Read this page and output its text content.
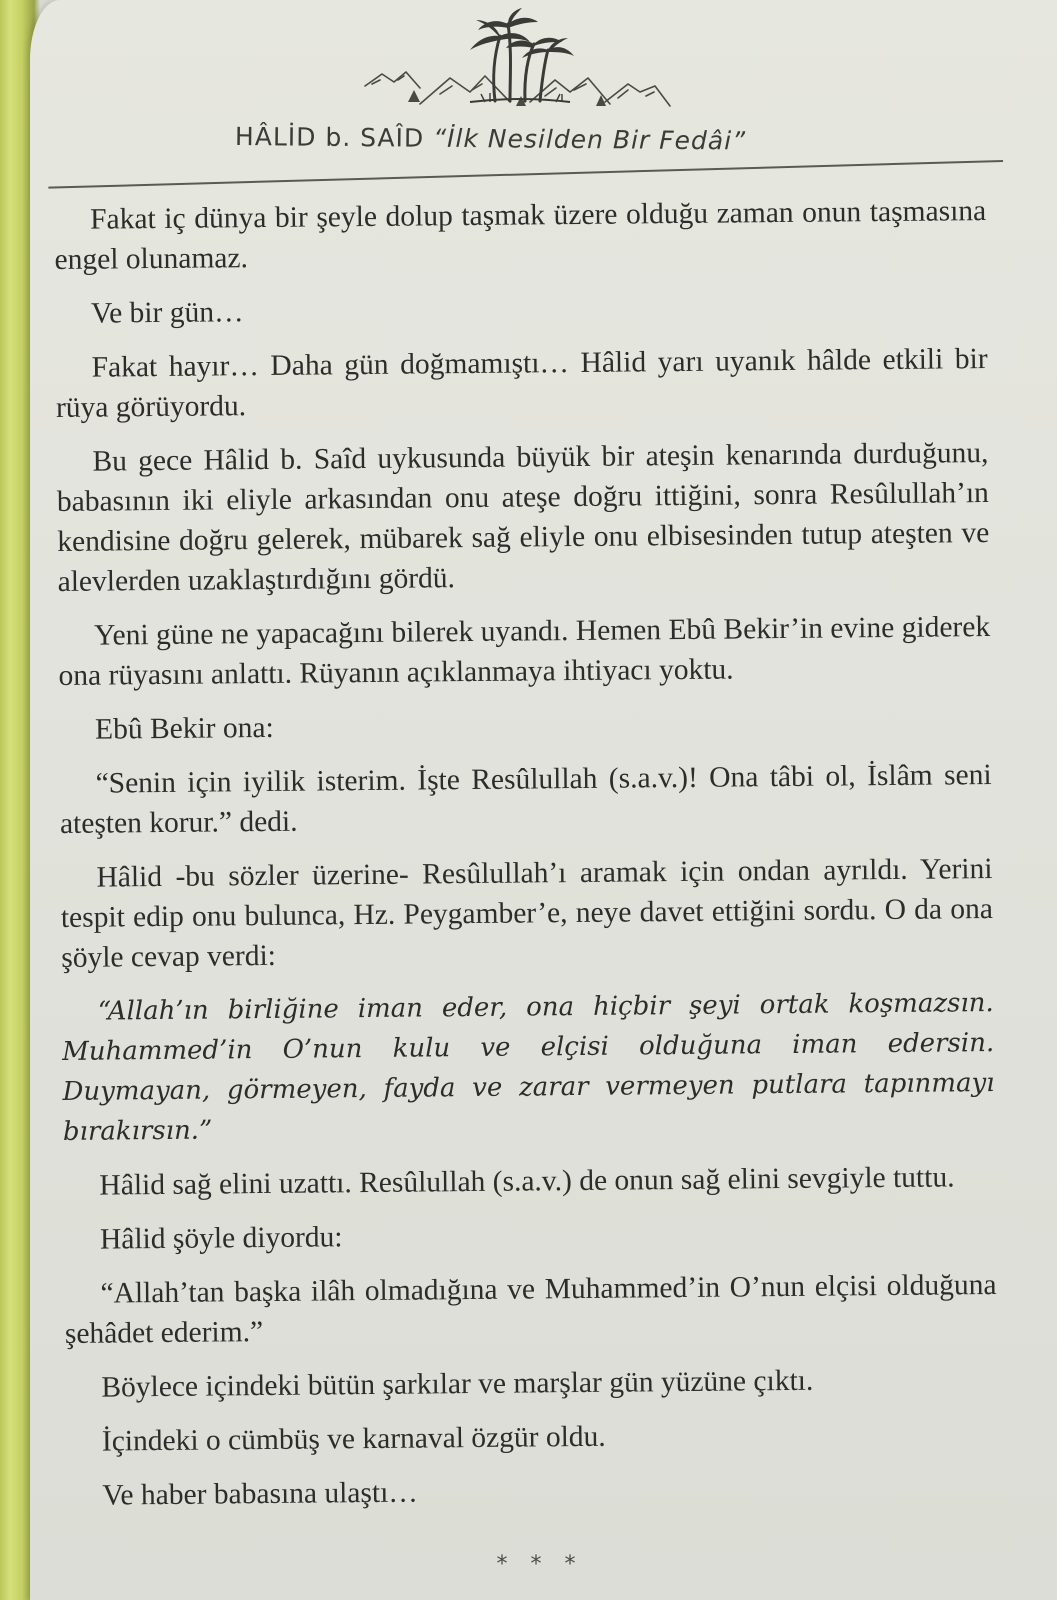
HÂLİD b. SAÎD “İlk Nesilden Bir Fedâi”

Fakat iç dünya bir şeyle dolup taşmak üzere olduğu zaman onun taşmasına engel olunamaz.

Ve bir gün…

Fakat hayır… Daha gün doğmamıştı… Hâlid yarı uyanık hâlde etkili bir rüya görüyordu.

Bu gece Hâlid b. Saîd uykusunda büyük bir ateşin kenarında durduğunu, babasının iki eliyle arkasından onu ateşe doğru ittiğini, sonra Resûlullah’ın kendisine doğru gelerek, mübarek sağ eliyle onu elbisesinden tutup ateşten ve alevlerden uzaklaştırdığını gördü.

Yeni güne ne yapacağını bilerek uyandı. Hemen Ebû Bekir’in evine giderek ona rüyasını anlattı. Rüyanın açıklanmaya ihtiyacı yoktu.

Ebû Bekir ona:

“Senin için iyilik isterim. İşte Resûlullah (s.a.v.)! Ona tâbi ol, İslâm seni ateşten korur.” dedi.

Hâlid -bu sözler üzerine- Resûlullah’ı aramak için ondan ayrıldı. Yerini tespit edip onu bulunca, Hz. Peygamber’e, neye davet ettiğini sordu. O da ona şöyle cevap verdi:

“Allah’ın birliğine iman eder, ona hiçbir şeyi ortak koşmazsın. Muhammed’in O’nun kulu ve elçisi olduğuna iman edersin. Duymayan, görmeyen, fayda ve zarar vermeyen putlara tapınmayı bırakırsın.”

Hâlid sağ elini uzattı. Resûlullah (s.a.v.) de onun sağ elini sevgiyle tuttu.

Hâlid şöyle diyordu:

“Allah’tan başka ilâh olmadığına ve Muhammed’in O’nun elçisi olduğuna şehâdet ederim.”

Böylece içindeki bütün şarkılar ve marşlar gün yüzüne çıktı.

İçindeki o cümbüş ve karnaval özgür oldu.

Ve haber babasına ulaştı…

* * *
